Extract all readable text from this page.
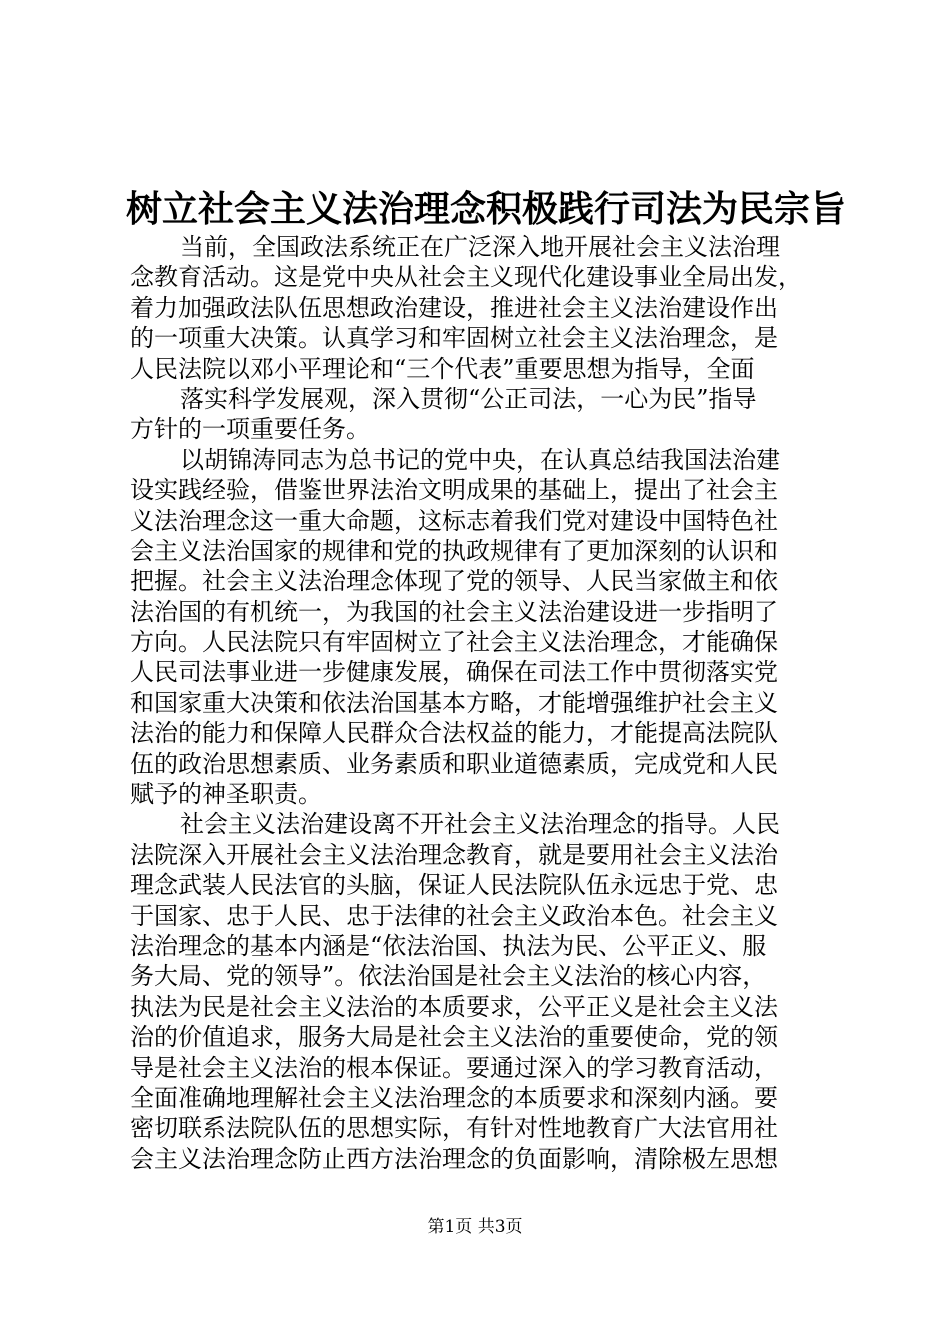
树立社会主义法治理念积极践行司法为民宗旨

当前，全国政法系统正在广泛深入地开展社会主义法治理
念教育活动。这是党中央从社会主义现代化建设事业全局出发，
着力加强政法队伍思想政治建设，推进社会主义法治建设作出
的一项重大决策。认真学习和牢固树立社会主义法治理念，是
人民法院以邓小平理论和“三个代表”重要思想为指导，全面

落实科学发展观，深入贯彻“公正司法，一心为民”指导
方针的一项重要任务。

以胡锦涛同志为总书记的党中央，在认真总结我国法治建
设实践经验，借鉴世界法治文明成果的基础上，提出了社会主
义法治理念这一重大命题，这标志着我们党对建设中国特色社
会主义法治国家的规律和党的执政规律有了更加深刻的认识和
把握。社会主义法治理念体现了党的领导、人民当家做主和依
法治国的有机统一，为我国的社会主义法治建设进一步指明了
方向。人民法院只有牢固树立了社会主义法治理念，才能确保
人民司法事业进一步健康发展，确保在司法工作中贯彻落实党
和国家重大决策和依法治国基本方略，才能增强维护社会主义
法治的能力和保障人民群众合法权益的能力，才能提高法院队
伍的政治思想素质、业务素质和职业道德素质，完成党和人民
赋予的神圣职责。

社会主义法治建设离不开社会主义法治理念的指导。人民
法院深入开展社会主义法治理念教育，就是要用社会主义法治
理念武装人民法官的头脑，保证人民法院队伍永远忠于党、忠
于国家、忠于人民、忠于法律的社会主义政治本色。社会主义
法治理念的基本内涵是“依法治国、执法为民、公平正义、服
务大局、党的领导”。依法治国是社会主义法治的核心内容，
执法为民是社会主义法治的本质要求，公平正义是社会主义法
治的价值追求，服务大局是社会主义法治的重要使命，党的领
导是社会主义法治的根本保证。要通过深入的学习教育活动，
全面准确地理解社会主义法治理念的本质要求和深刻内涵。要
密切联系法院队伍的思想实际，有针对性地教育广大法官用社
会主义法治理念防止西方法治理念的负面影响，清除极左思想

第1页 共3页
